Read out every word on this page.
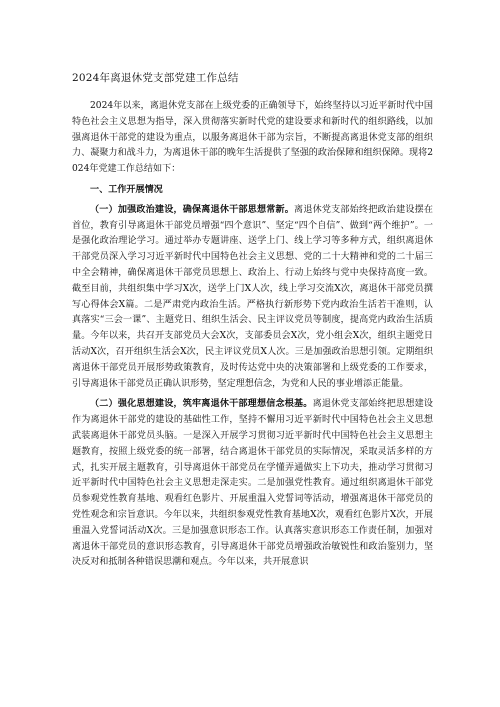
2024年离退休党支部党建工作总结

2024年以来，离退休党支部在上级党委的正确领导下，始终坚持以习近平新时代中国特色社会主义思想为指导，深入贯彻落实新时代党的建设要求和新时代的组织路线，以加强离退休干部党的建设为重点，以服务离退休干部为宗旨，不断提高离退休党支部的组织力、凝聚力和战斗力，为离退休干部的晚年生活提供了坚强的政治保障和组织保障。现将2024年党建工作总结如下：

一、工作开展情况

（一）加强政治建设，确保离退休干部思想常新。离退休党支部始终把政治建设摆在首位，教育引导离退休干部党员增强“四个意识”、坚定“四个自信”、做到“两个维护”。一是强化政治理论学习。通过举办专题讲座、送学上门、线上学习等多种方式，组织离退休干部党员深入学习习近平新时代中国特色社会主义思想、党的二十大精神和党的二十届三中全会精神，确保离退休干部党员思想上、政治上、行动上始终与党中央保持高度一致。截至目前，共组织集中学习X次，送学上门X人次，线上学习交流X次，离退休干部党员撰写心得体会X篇。二是严肃党内政治生活。严格执行新形势下党内政治生活若干准则，认真落实“三会一课”、主题党日、组织生活会、民主评议党员等制度，提高党内政治生活质量。今年以来，共召开支部党员大会X次，支部委员会X次，党小组会X次，组织主题党日活动X次，召开组织生活会X次，民主评议党员X人次。三是加强政治思想引领。定期组织离退休干部党员开展形势政策教育，及时传达党中央的决策部署和上级党委的工作要求，引导离退休干部党员正确认识形势，坚定理想信念，为党和人民的事业增添正能量。

（二）强化思想建设，筑牢离退休干部理想信念根基。离退休党支部始终把思想建设作为离退休干部党的建设的基础性工作，坚持不懈用习近平新时代中国特色社会主义思想武装离退休干部党员头脑。一是深入开展学习贯彻习近平新时代中国特色社会主义思想主题教育，按照上级党委的统一部署，结合离退休干部党员的实际情况，采取灵活多样的方式，扎实开展主题教育，引导离退休干部党员在学懂弄通做实上下功夫，推动学习贯彻习近平新时代中国特色社会主义思想走深走实。二是加强党性教育。通过组织离退休干部党员参观党性教育基地、观看红色影片、开展重温入党誓词等活动，增强离退休干部党员的党性观念和宗旨意识。今年以来，共组织参观党性教育基地X次，观看红色影片X次，开展重温入党誓词活动X次。三是加强意识形态工作。认真落实意识形态工作责任制，加强对离退休干部党员的意识形态教育，引导离退休干部党员增强政治敏锐性和政治鉴别力，坚决反对和抵制各种错误思潮和观点。今年以来，共开展意识
